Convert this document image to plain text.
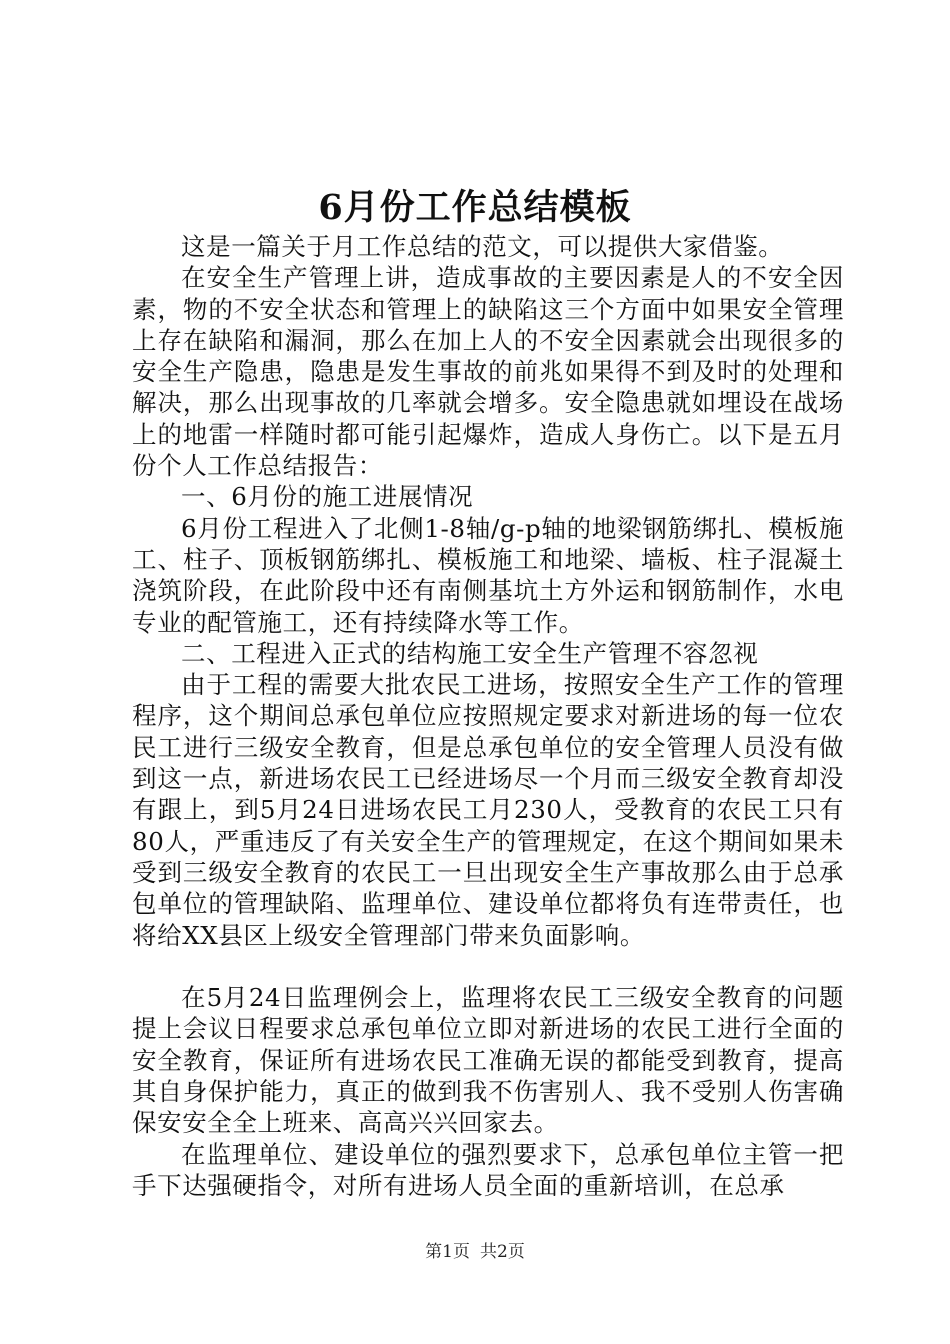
6月份工作总结模板

这是一篇关于月工作总结的范文，可以提供大家借鉴。

在安全生产管理上讲，造成事故的主要因素是人的不安全因素，物的不安全状态和管理上的缺陷这三个方面中如果安全管理上存在缺陷和漏洞，那么在加上人的不安全因素就会出现很多的安全生产隐患，隐患是发生事故的前兆如果得不到及时的处理和解决，那么出现事故的几率就会增多。安全隐患就如埋设在战场上的地雷一样随时都可能引起爆炸，造成人身伤亡。以下是五月份个人工作总结报告：

一、6月份的施工进展情况

6月份工程进入了北侧1-8轴/g-p轴的地梁钢筋绑扎、模板施工、柱子、顶板钢筋绑扎、模板施工和地梁、墙板、柱子混凝土浇筑阶段，在此阶段中还有南侧基坑土方外运和钢筋制作，水电专业的配管施工，还有持续降水等工作。

二、工程进入正式的结构施工安全生产管理不容忽视

由于工程的需要大批农民工进场，按照安全生产工作的管理程序，这个期间总承包单位应按照规定要求对新进场的每一位农民工进行三级安全教育，但是总承包单位的安全管理人员没有做到这一点，新进场农民工已经进场尽一个月而三级安全教育却没有跟上，到5月24日进场农民工月230人，受教育的农民工只有80人，严重违反了有关安全生产的管理规定，在这个期间如果未受到三级安全教育的农民工一旦出现安全生产事故那么由于总承包单位的管理缺陷、监理单位、建设单位都将负有连带责任，也将给XX县区上级安全管理部门带来负面影响。

在5月24日监理例会上，监理将农民工三级安全教育的问题提上会议日程要求总承包单位立即对新进场的农民工进行全面的安全教育，保证所有进场农民工准确无误的都能受到教育，提高其自身保护能力，真正的做到我不伤害别人、我不受别人伤害确保安安全全上班来、高高兴兴回家去。

在监理单位、建设单位的强烈要求下，总承包单位主管一把手下达强硬指令，对所有进场人员全面的重新培训，在总承

第1页 共2页
